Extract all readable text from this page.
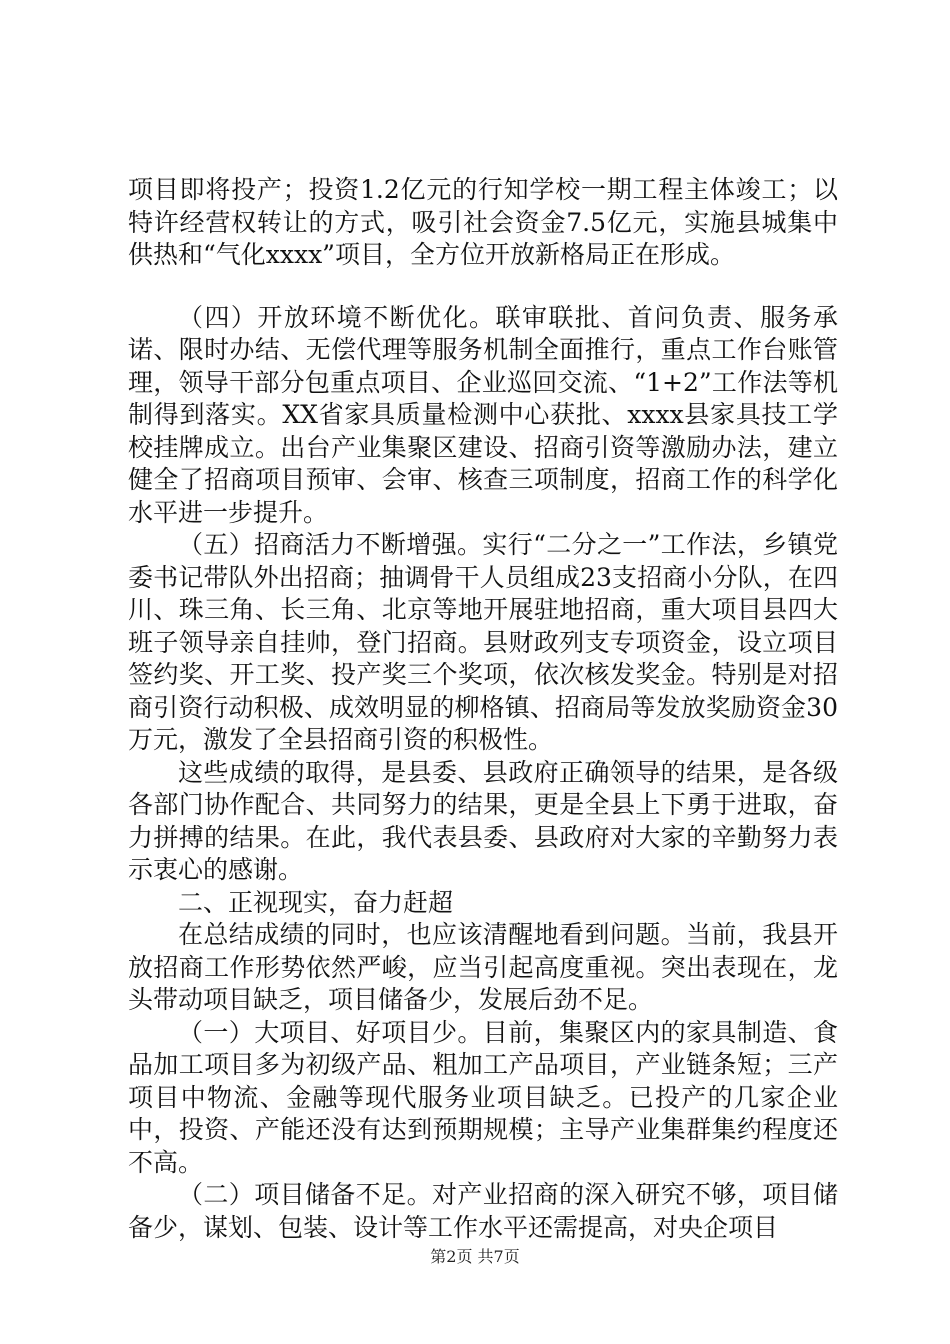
项目即将投产；投资1.2亿元的行知学校一期工程主体竣工；以特许经营权转让的方式，吸引社会资金7.5亿元，实施县城集中供热和“气化xxxx”项目，全方位开放新格局正在形成。

（四）开放环境不断优化。联审联批、首问负责、服务承诺、限时办结、无偿代理等服务机制全面推行，重点工作台账管理，领导干部分包重点项目、企业巡回交流、“1+2”工作法等机制得到落实。XX省家具质量检测中心获批、xxxx县家具技工学校挂牌成立。出台产业集聚区建设、招商引资等激励办法，建立健全了招商项目预审、会审、核查三项制度，招商工作的科学化水平进一步提升。

（五）招商活力不断增强。实行“二分之一”工作法，乡镇党委书记带队外出招商；抽调骨干人员组成23支招商小分队，在四川、珠三角、长三角、北京等地开展驻地招商，重大项目县四大班子领导亲自挂帅，登门招商。县财政列支专项资金，设立项目签约奖、开工奖、投产奖三个奖项，依次核发奖金。特别是对招商引资行动积极、成效明显的柳格镇、招商局等发放奖励资金30万元，激发了全县招商引资的积极性。

这些成绩的取得，是县委、县政府正确领导的结果，是各级各部门协作配合、共同努力的结果，更是全县上下勇于进取，奋力拼搏的结果。在此，我代表县委、县政府对大家的辛勤努力表示衷心的感谢。

二、正视现实，奋力赶超

在总结成绩的同时，也应该清醒地看到问题。当前，我县开放招商工作形势依然严峻，应当引起高度重视。突出表现在，龙头带动项目缺乏，项目储备少，发展后劲不足。

（一）大项目、好项目少。目前，集聚区内的家具制造、食品加工项目多为初级产品、粗加工产品项目，产业链条短；三产项目中物流、金融等现代服务业项目缺乏。已投产的几家企业中，投资、产能还没有达到预期规模；主导产业集群集约程度还不高。

（二）项目储备不足。对产业招商的深入研究不够，项目储备少，谋划、包装、设计等工作水平还需提高，对央企项目

第2页 共7页
